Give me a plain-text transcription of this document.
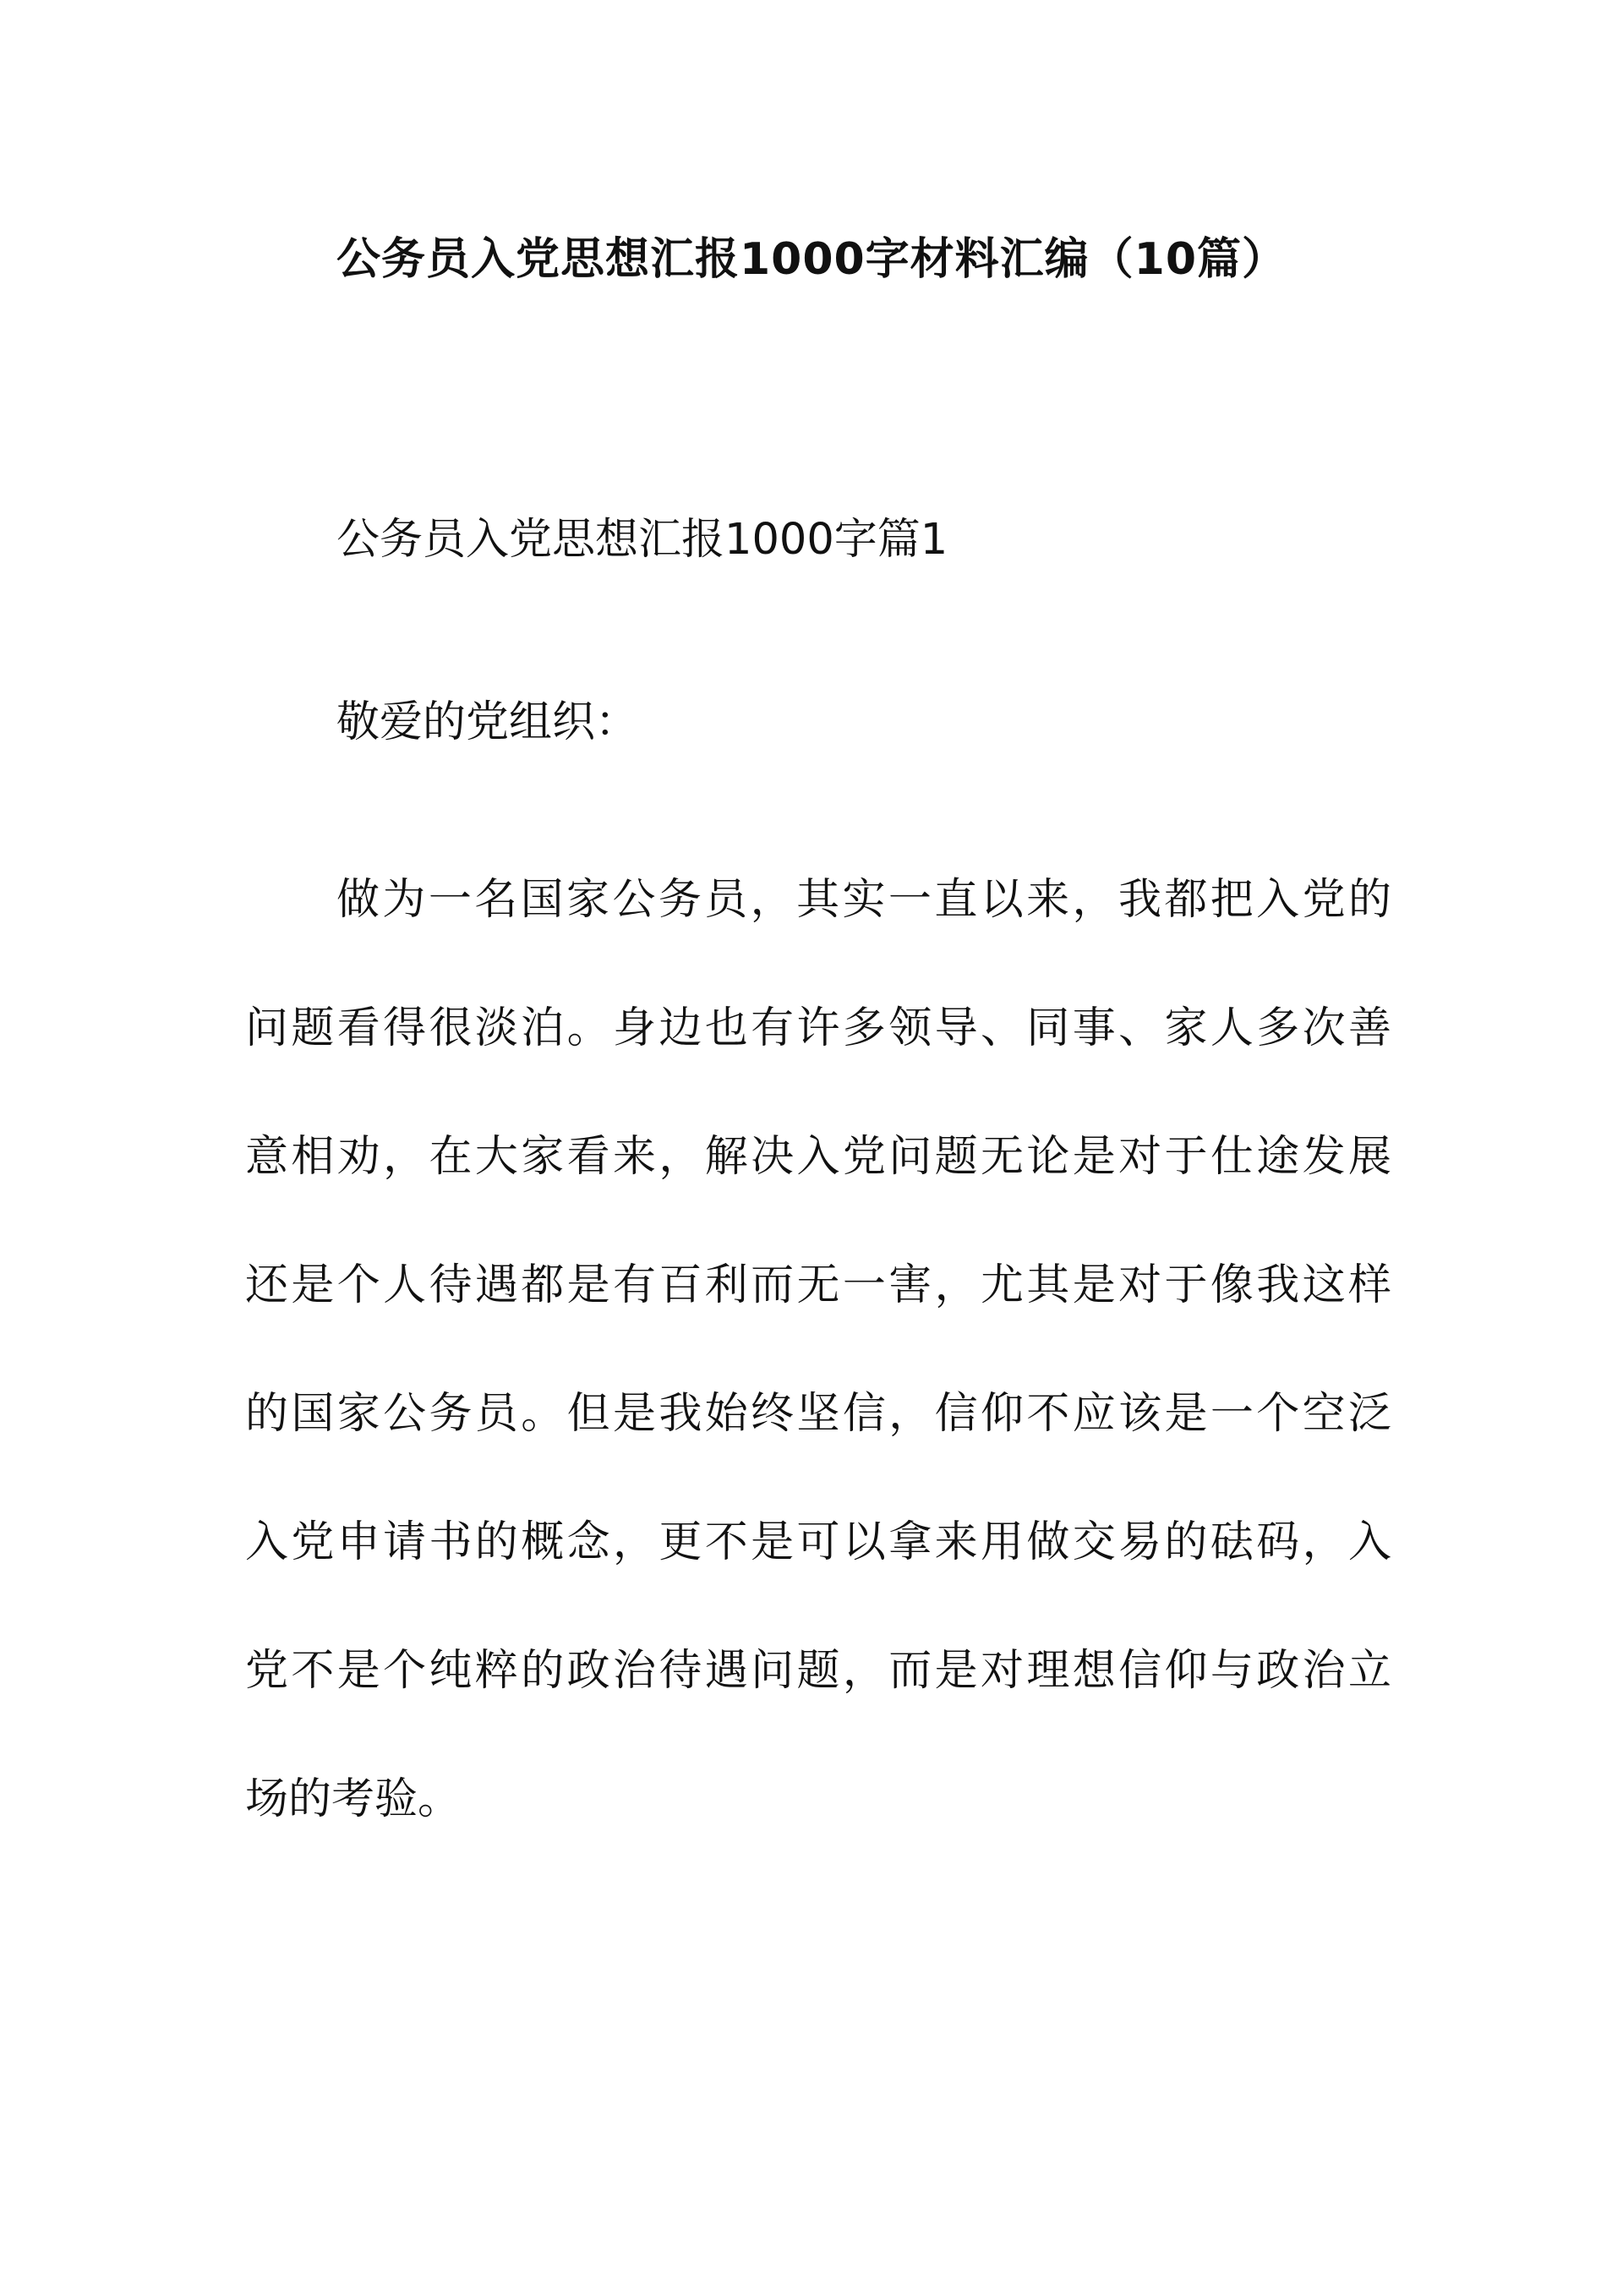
公务员入党思想汇报1000字材料汇编（10篇）
公务员入党思想汇报1000字篇1
敬爱的党组织：
做为一名国家公务员，其实一直以来，我都把入党的
问题看得很淡泊。身边也有许多领导、同事、家人多次善
意相劝，在大家看来，解决入党问题无论是对于仕途发展
还是个人待遇都是有百利而无一害，尤其是对于像我这样
的国家公务员。但是我始终坚信，信仰不应该是一个空泛
入党申请书的概念，更不是可以拿来用做交易的砝码，入
党不是个纯粹的政治待遇问题，而是对理想信仰与政治立
场的考验。
